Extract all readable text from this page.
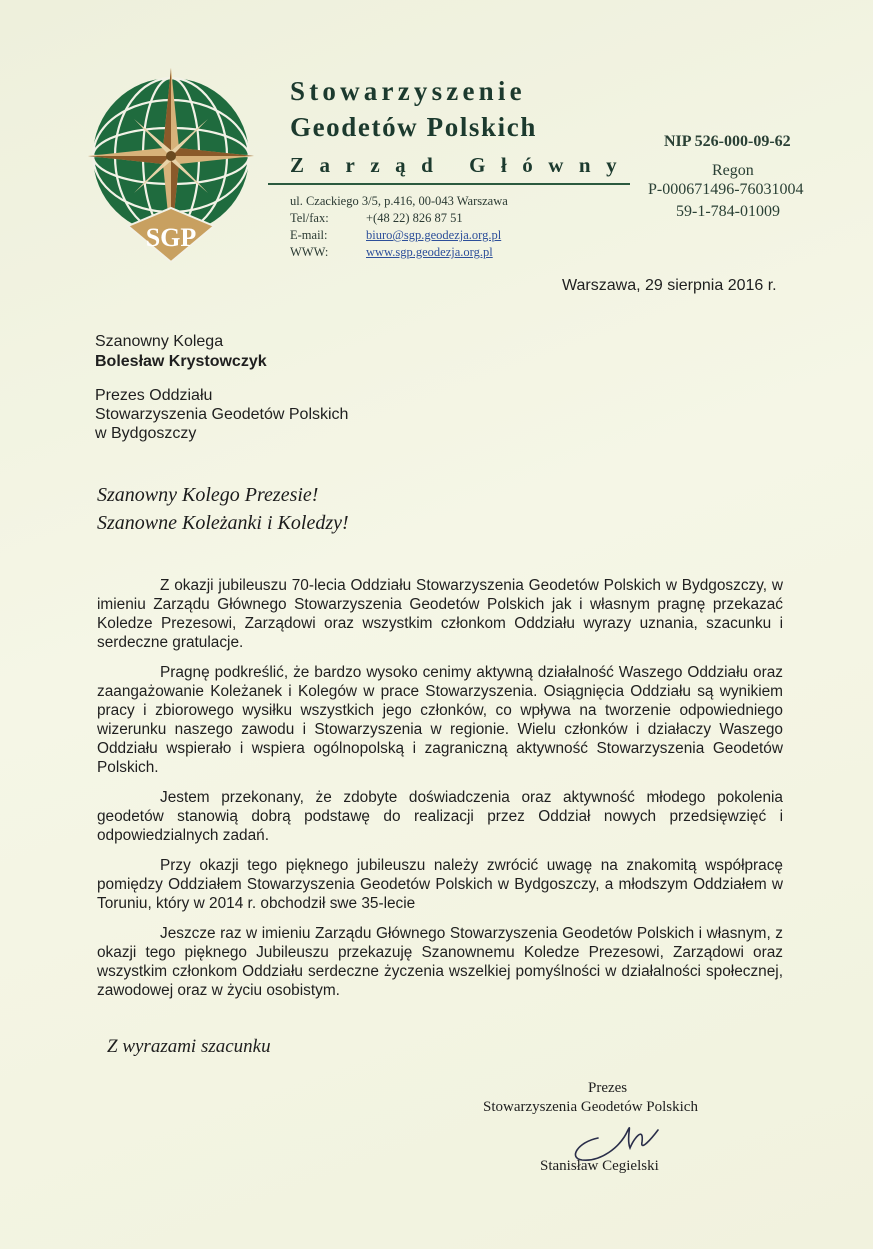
SGP
Stowarzyszenie
Geodetów Polskich
Zarząd Główny
ul. Czackiego 3/5, p.416, 00-043 Warszawa
Tel/fax:	+(48 22) 826 87 51
E-mail:	biuro@sgp.geodezja.org.pl
WWW:	www.sgp.geodezja.org.pl
NIP 526-000-09-62
Regon
P-000671496-76031004
59-1-784-01009
Warszawa, 29 sierpnia 2016 r.
Szanowny Kolega
Bolesław Krystowczyk
Prezes Oddziału
Stowarzyszenia Geodetów Polskich
w Bydgoszczy
Szanowny Kolego Prezesie!
Szanowne Koleżanki i Koledzy!

Z okazji jubileuszu 70-lecia Oddziału Stowarzyszenia Geodetów Polskich w Bydgoszczy, w imieniu Zarządu Głównego Stowarzyszenia Geodetów Polskich jak i własnym pragnę przekazać Koledze Prezesowi, Zarządowi oraz wszystkim członkom Oddziału wyrazy uznania, szacunku i serdeczne gratulacje.

Pragnę podkreślić, że bardzo wysoko cenimy aktywną działalność Waszego Oddziału oraz zaangażowanie Koleżanek i Kolegów w prace Stowarzyszenia. Osiągnięcia Oddziału są wynikiem pracy i zbiorowego wysiłku wszystkich jego członków, co wpływa na tworzenie odpowiedniego wizerunku naszego zawodu i Stowarzyszenia w regionie. Wielu członków i działaczy Waszego Oddziału wspierało i wspiera ogólnopolską i zagraniczną aktywność Stowarzyszenia Geodetów Polskich.

Jestem przekonany, że zdobyte doświadczenia oraz aktywność młodego pokolenia geodetów stanowią dobrą podstawę do realizacji przez Oddział nowych przedsięwzięć i odpowiedzialnych zadań.

Przy okazji tego pięknego jubileuszu należy zwrócić uwagę na znakomitą współpracę pomiędzy Oddziałem Stowarzyszenia Geodetów Polskich w Bydgoszczy, a młodszym Oddziałem w Toruniu, który w 2014 r. obchodził swe 35-lecie

Jeszcze raz w imieniu Zarządu Głównego Stowarzyszenia Geodetów Polskich i własnym, z okazji tego pięknego Jubileuszu przekazuję Szanownemu Koledze Prezesowi, Zarządowi oraz wszystkim członkom Oddziału serdeczne życzenia wszelkiej pomyślności w działalności społecznej, zawodowej oraz w życiu osobistym.

Z wyrazami szacunku
Prezes
Stowarzyszenia Geodetów Polskich
Stanisław Cegielski
